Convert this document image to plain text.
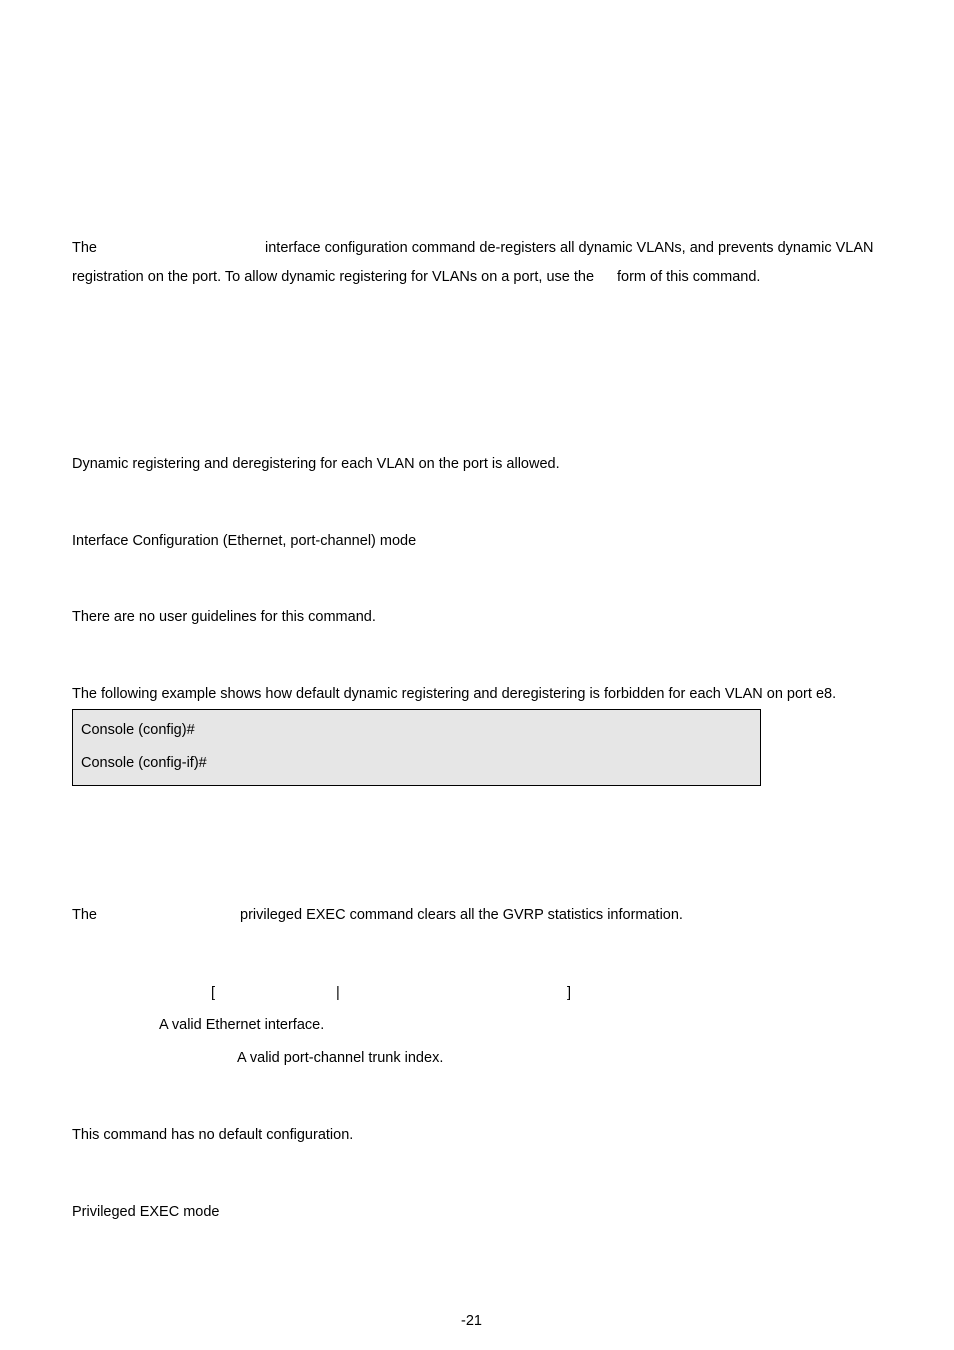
The	interface configuration command de-registers all dynamic VLANs, and prevents dynamic VLAN
registration on the port. To allow dynamic registering for VLANs on a port, use the form of this command.
Dynamic registering and deregistering for each VLAN on the port is allowed.
Interface Configuration (Ethernet, port-channel) mode
There are no user guidelines for this command.
The following example shows how default dynamic registering and deregistering is forbidden for each VLAN on port e8.
Console (config)#
Console (config-if)#
The	privileged EXEC command clears all the GVRP statistics information.
[	|	]
A valid Ethernet interface.
A valid port-channel trunk index.
This command has no default configuration.
Privileged EXEC mode
-21
